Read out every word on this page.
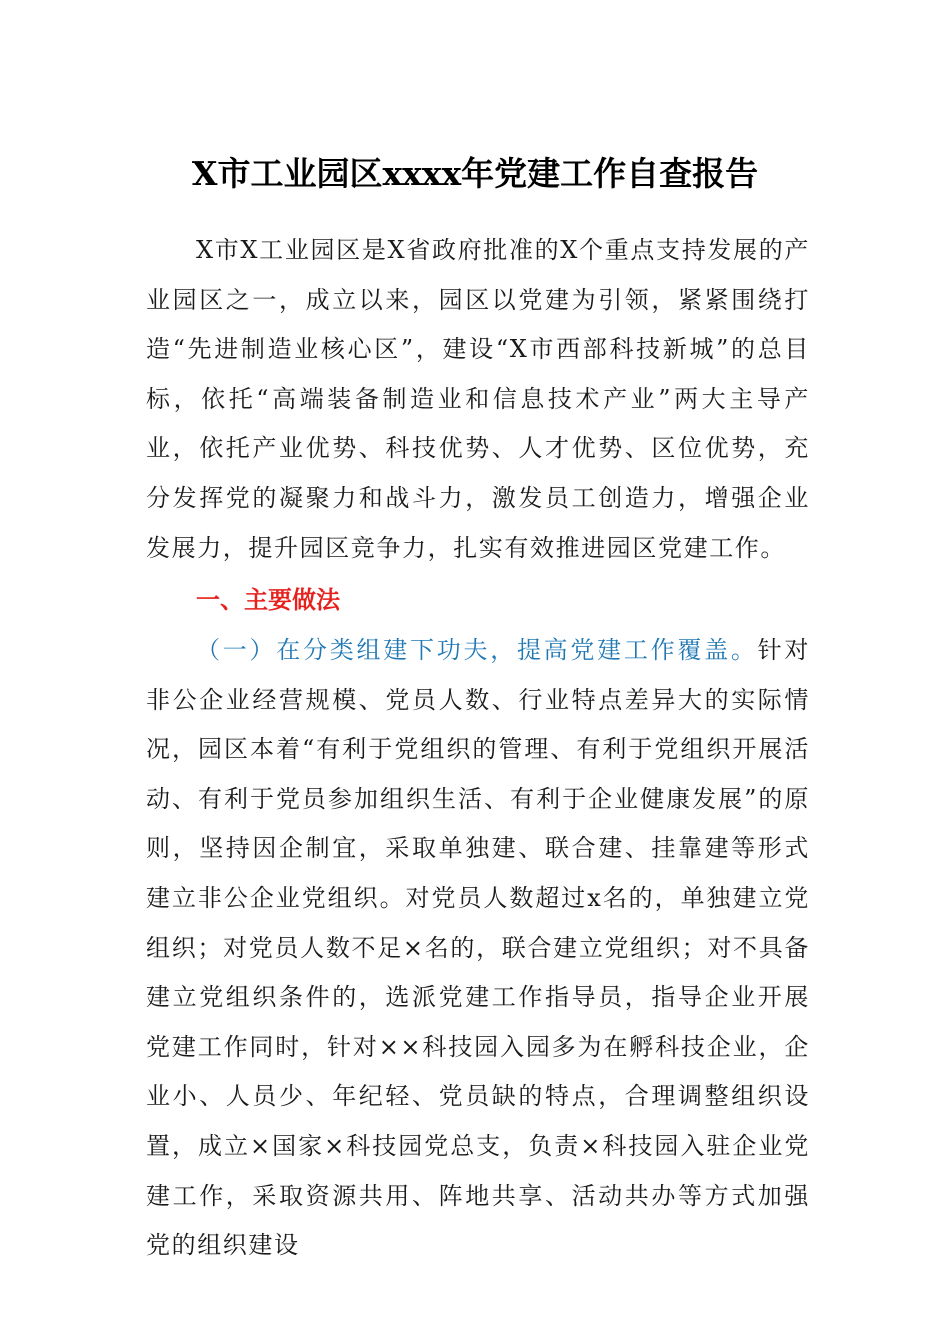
X市工业园区xxxx年党建工作自查报告

X市X工业园区是X省政府批准的X个重点支持发展的产业园区之一，成立以来，园区以党建为引领，紧紧围绕打造“先进制造业核心区”，建设“X市西部科技新城”的总目标，依托“高端装备制造业和信息技术产业”两大主导产业，依托产业优势、科技优势、人才优势、区位优势，充分发挥党的凝聚力和战斗力，激发员工创造力，增强企业发展力，提升园区竞争力，扎实有效推进园区党建工作。

一、主要做法

（一）在分类组建下功夫，提高党建工作覆盖。针对非公企业经营规模、党员人数、行业特点差异大的实际情况，园区本着“有利于党组织的管理、有利于党组织开展活动、有利于党员参加组织生活、有利于企业健康发展”的原则，坚持因企制宜，采取单独建、联合建、挂靠建等形式建立非公企业党组织。对党员人数超过x名的，单独建立党组织；对党员人数不足×名的，联合建立党组织；对不具备建立党组织条件的，选派党建工作指导员，指导企业开展党建工作同时，针对××科技园入园多为在孵科技企业，企业小、人员少、年纪轻、党员缺的特点，合理调整组织设置，成立×国家×科技园党总支，负责×科技园入驻企业党建工作，采取资源共用、阵地共享、活动共办等方式加强党的组织建设
